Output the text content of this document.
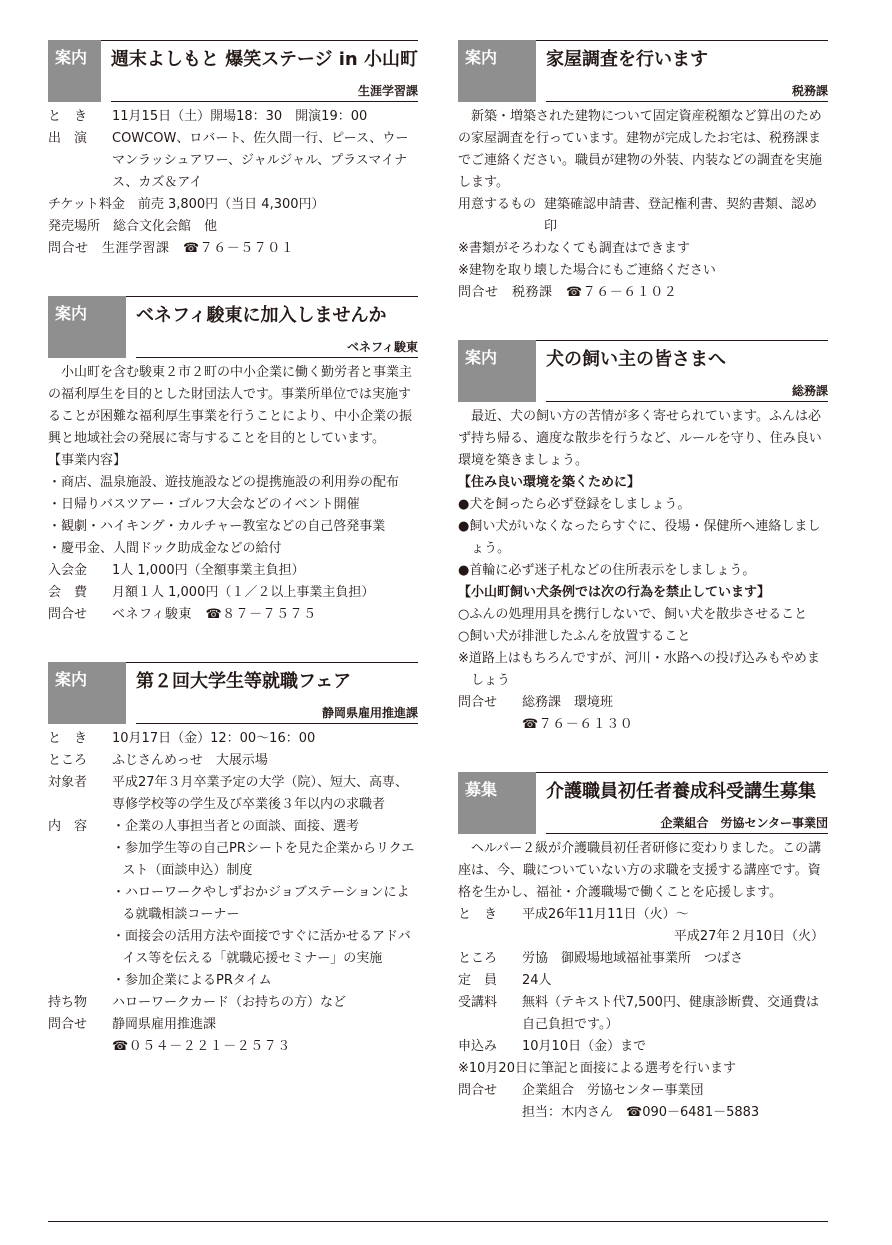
案内	週末よしもと 爆笑ステージ in 小山町
生涯学習課
と　き	11月15日（土）開場18：30　開演19：00
出　演	COWCOW、ロバート、佐久間一行、ピース、ウーマンラッシュアワー、ジャルジャル、プラスマイナス、カズ＆アイ
チケット料金　前売 3,800円（当日 4,300円）
発売場所　総合文化会館　他
問合せ　生涯学習課　☎７６－５７０１
案内	ベネフィ駿東に加入しませんか
ベネフィ駿東
小山町を含む駿東２市２町の中小企業に働く勤労者と事業主の福利厚生を目的とした財団法人です。事業所単位では実施することが困難な福利厚生事業を行うことにより、中小企業の振興と地域社会の発展に寄与することを目的としています。
【事業内容】
・商店、温泉施設、遊技施設などの提携施設の利用券の配布
・日帰りバスツアー・ゴルフ大会などのイベント開催
・観劇・ハイキング・カルチャー教室などの自己啓発事業
・慶弔金、人間ドック助成金などの給付
入会金	1人 1,000円（全額事業主負担）
会　費	月額１人 1,000円（１／２以上事業主負担）
問合せ	ベネフィ駿東　☎８７－７５７５
案内	第２回大学生等就職フェア
静岡県雇用推進課
と　き	10月17日（金）12：00～16：00
ところ	ふじさんめっせ　大展示場
対象者	平成27年３月卒業予定の大学（院）、短大、高専、専修学校等の学生及び卒業後３年以内の求職者
内　容	・企業の人事担当者との面談、面接、選考
・参加学生等の自己PRシートを見た企業からリクエスト（面談申込）制度
・ハローワークやしずおかジョブステーションによる就職相談コーナー
・面接会の活用方法や面接ですぐに活かせるアドバイス等を伝える「就職応援セミナー」の実施
・参加企業によるPRタイム
持ち物	ハローワークカード（お持ちの方）など
問合せ	静岡県雇用推進課
☎０５４－２２１－２５７３
案内	家屋調査を行います
税務課
新築・増築された建物について固定資産税額など算出のための家屋調査を行っています。建物が完成したお宅は、税務課までご連絡ください。職員が建物の外装、内装などの調査を実施します。
用意するもの 建築確認申請書、登記権利書、契約書類、認め印
※書類がそろわなくても調査はできます
※建物を取り壊した場合にもご連絡ください
問合せ　税務課　☎７６－６１０２
案内	犬の飼い主の皆さまへ
総務課
最近、犬の飼い方の苦情が多く寄せられています。ふんは必ず持ち帰る、適度な散歩を行うなど、ルールを守り、住み良い環境を築きましょう。
【住み良い環境を築くために】
●犬を飼ったら必ず登録をしましょう。
●飼い犬がいなくなったらすぐに、役場・保健所へ連絡しましょう。
●首輪に必ず迷子札などの住所表示をしましょう。
【小山町飼い犬条例では次の行為を禁止しています】
○ふんの処理用具を携行しないで、飼い犬を散歩させること
○飼い犬が排泄したふんを放置すること
※道路上はもちろんですが、河川・水路への投げ込みもやめましょう
問合せ	総務課　環境班
☎７６－６１３０
募集	介護職員初任者養成科受講生募集
企業組合　労協センター事業団
ヘルパー２級が介護職員初任者研修に変わりました。この講座は、今、職についていない方の求職を支援する講座です。資格を生かし、福祉・介護職場で働くことを応援します。
と　き	平成26年11月11日（火）～
平成27年２月10日（火）
ところ	労協　御殿場地域福祉事業所　つばさ
定　員	24人
受講料	無料（テキスト代7,500円、健康診断費、交通費は自己負担です。）
申込み	10月10日（金）まで
※10月20日に筆記と面接による選考を行います
問合せ	企業組合　労協センター事業団
担当：木内さん　☎090－6481－5883
